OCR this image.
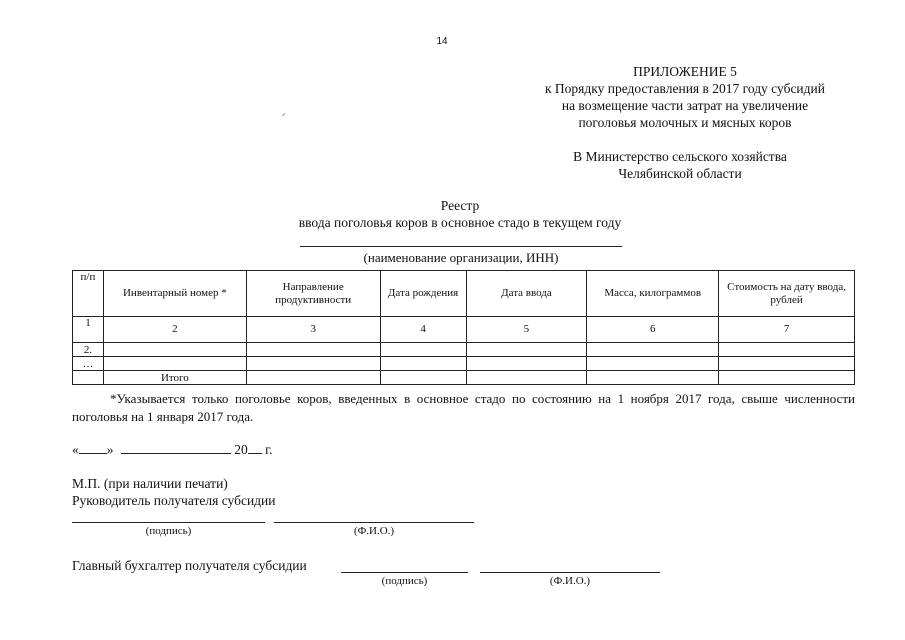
14
ПРИЛОЖЕНИЕ 5
к Порядку предоставления в 2017 году субсидий
на возмещение части затрат на увеличение
поголовья молочных и мясных коров
В Министерство сельского хозяйства
Челябинской области
Реестр
ввода поголовья коров в основное стадо в текущем году
(наименование организации, ИНН)
п/п	Инвентарный номер *	Направление продуктивности	Дата рождения	Дата ввода	Масса, килограммов	Стоимость на дату ввода, рублей
1	2	3	4	5	6	7
2.						
…						
	Итого					
*Указывается только поголовье коров, введенных в основное стадо по состоянию на 1 ноября 2017 года, свыше численности поголовья на 1 января 2017 года.
« »	20 г.
М.П. (при наличии печати)
Руководитель получателя субсидии
(подпись)	(Ф.И.О.)
Главный бухгалтер получателя субсидии
(подпись)	(Ф.И.О.)
